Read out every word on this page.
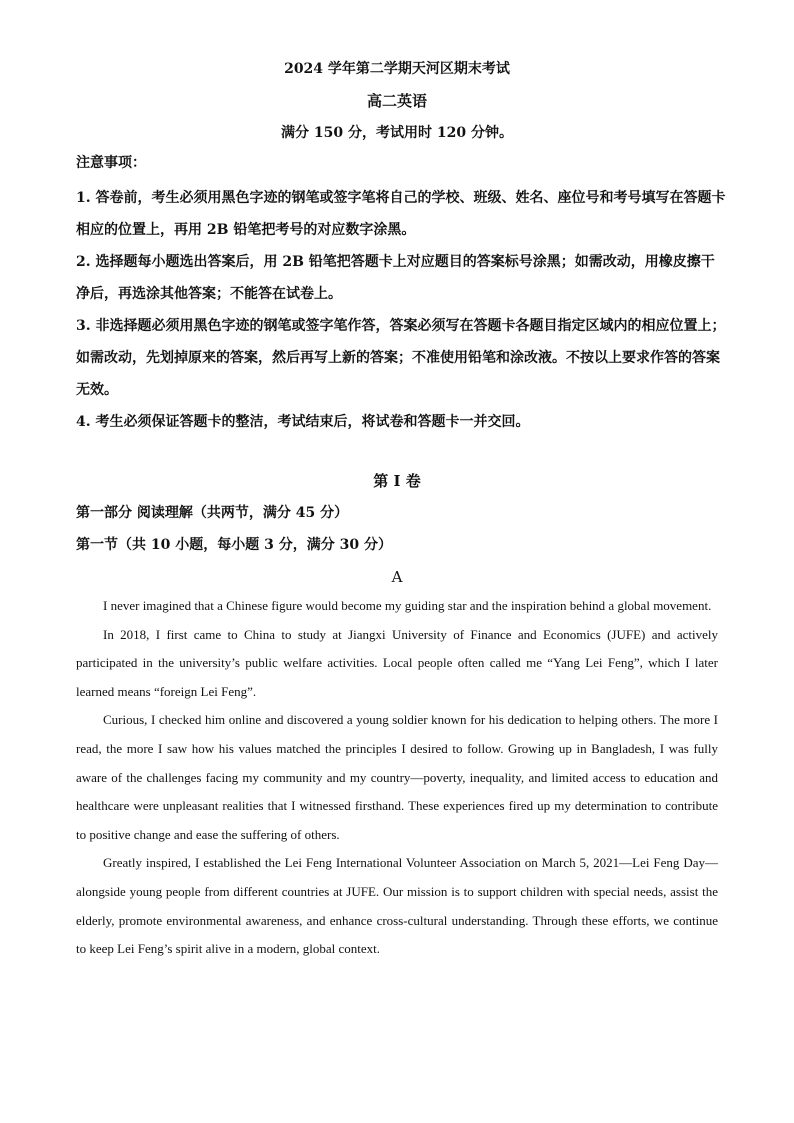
2024 学年第二学期天河区期末考试
高二英语
满分 150 分，考试用时 120 分钟。
注意事项：
1. 答卷前，考生必须用黑色字迹的钢笔或签字笔将自己的学校、班级、姓名、座位号和考号填写在答题卡相应的位置上，再用 2B 铅笔把考号的对应数字涂黑。
2. 选择题每小题选出答案后，用 2B 铅笔把答题卡上对应题目的答案标号涂黑；如需改动，用橡皮擦干净后，再选涂其他答案；不能答在试卷上。
3. 非选择题必须用黑色字迹的钢笔或签字笔作答，答案必须写在答题卡各题目指定区域内的相应位置上；如需改动，先划掉原来的答案，然后再写上新的答案；不准使用铅笔和涂改液。不按以上要求作答的答案无效。
4. 考生必须保证答题卡的整洁，考试结束后，将试卷和答题卡一并交回。
第 I 卷
第一部分 阅读理解（共两节，满分 45 分）
第一节（共 10 小题，每小题 3 分，满分 30 分）
A

I never imagined that a Chinese figure would become my guiding star and the inspiration behind a global movement.

In 2018, I first came to China to study at Jiangxi University of Finance and Economics (JUFE) and actively participated in the university’s public welfare activities. Local people often called me “Yang Lei Feng”, which I later learned means “foreign Lei Feng”.

Curious, I checked him online and discovered a young soldier known for his dedication to helping others. The more I read, the more I saw how his values matched the principles I desired to follow. Growing up in Bangladesh, I was fully aware of the challenges facing my community and my country—poverty, inequality, and limited access to education and healthcare were unpleasant realities that I witnessed firsthand. These experiences fired up my determination to contribute to positive change and ease the suffering of others.

Greatly inspired, I established the Lei Feng International Volunteer Association on March 5, 2021—Lei Feng Day—alongside young people from different countries at JUFE. Our mission is to support children with special needs, assist the elderly, promote environmental awareness, and enhance cross-cultural understanding. Through these efforts, we continue to keep Lei Feng’s spirit alive in a modern, global context.
